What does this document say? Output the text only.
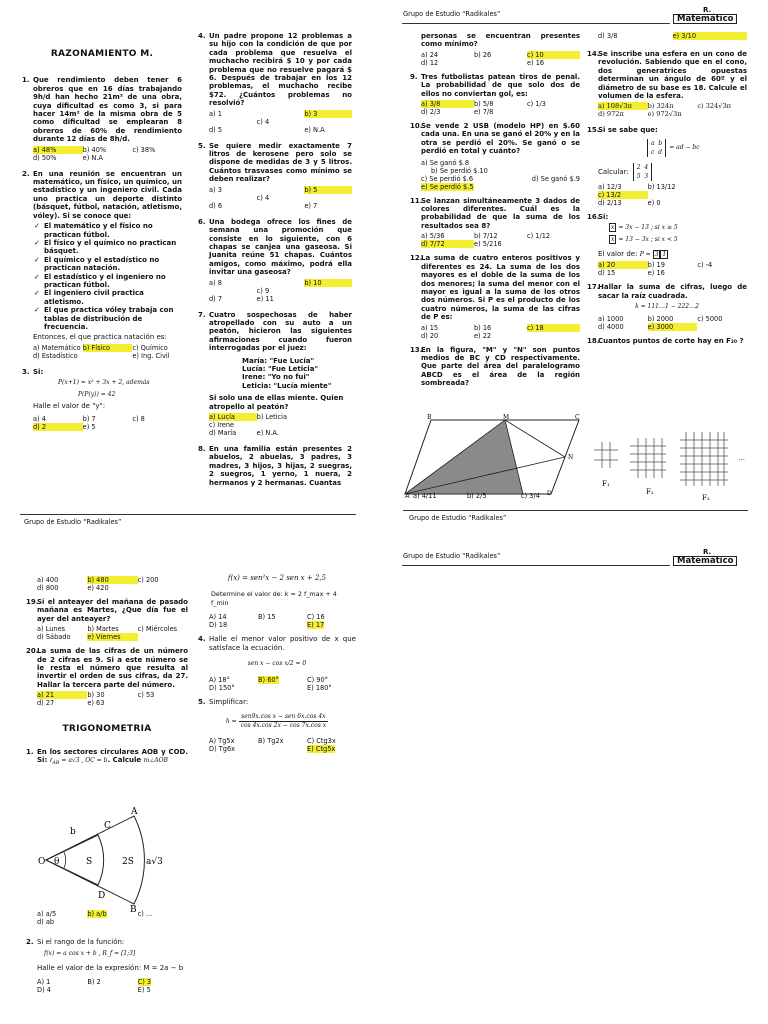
RAZONAMIENTO M.
1. Que rendimiento deben tener 6 obreros que en 16 días trabajando 9h/d han hecho 21m² de una obra, cuya dificultad es como 3, si para hacer 14m² de la misma obra de 5 como dificultad se emplearan 8 obreros de 60% de rendimiento durante 12 días de 8h/d.
a) 48%	b) 40%	c) 38%
d) 50%	e) N.A
2. En una reunión se encuentran un matemático, un físico, un químico, un estadístico y un ingeniero civil. Cada uno practica un deporte distinto (básquet, fútbol, natación, atletismo, vóley). Si se conoce que:
✓ El matemático y el físico no practican fútbol.
✓ El físico y el químico no practican básquet.
✓ El químico y el estadístico no practican natación.
✓ El estadístico y el ingeniero no practican fútbol.
✓ El ingeniero civil practica atletismo.
✓ El que practica vóley trabaja con tablas de distribución de frecuencia.
Entonces, el que practica natación es:
a) Matemático b) Físico	c) Químico
d) Estadístico	e) Ing. Civil
3. Si:
P(x+1) = x² + 3x + 2, además
P(P(y)) = 42
Halle el valor de "y":
a) 4	b) 7	c) 8
d) 2	e) 5
4. Un padre propone 12 problemas a su hijo con la condición de que por cada problema que resuelva el muchacho recibirá $ 10 y por cada problema que no resuelve pagará $ 6. Después de trabajar en los 12 problemas, el muchacho recibe $72. ¿Cuántos problemas no resolvió?
a) 1	b) 3
c) 4
d) 5	e) N.A
5. Se quiere medir exactamente 7 litros de kerosene pero solo se dispone de medidas de 3 y 5 litros. Cuántos trasvases como mínimo se deben realizar?
a) 3	b) 5
c) 4
d) 6	e) 7
6. Una bodega ofrece los fines de semana una promoción que consiste en lo siguiente, con 6 chapas se canjea una gaseosa. Si Juanita reúne 51 chapas. Cuántos amigos, como máximo, podrá ella invitar una gaseosa?
a) 8	b) 10
c) 9
d) 7	e) 11
7. Cuatro sospechosas de haber atropellado con su auto a un peatón, hicieron las siguientes afirmaciones cuando fueron interrogadas por el juez:
María: "Fue Lucía"
Lucía: "Fue Leticia"
Irene: "Yo no fui"
Leticia: "Lucía miente"
Si solo una de ellas miente. Quien atropello al peatón?
a) Lucía	b) Leticia
c) Irene
d) María	e) N.A.
8. En una familia están presentes 2 abuelos, 2 abuelas, 3 padres, 3 madres, 3 hijos, 3 hijas, 2 suegras, 2 suegros, 1 yerno, 1 nuera, 2 hermanos y 2 hermanas. Cuantas
Grupo de Estudio “Radikales”
Grupo de Estudio “Radikales”	R.
Matemático
personas se encuentran presentes como mínimo?
a) 24	b) 26	c) 10
d) 12	e) 16
9. Tres futbolistas patean tiros de penal. La probabilidad de que solo dos de ellos no conviertan gol, es:
a) 3/8	b) 5/8	c) 1/3
d) 2/3	e) 7/8
10.
Se vende 2 USB (modelo HP) en $.60 cada una. En una se ganó el 20% y en la otra se perdió el 20%. Se ganó o se perdió en total y cuánto?
a) Se ganó $.8
b) Se perdió $.10
c) Se perdió $.6	d) Se ganó $.9
e) Se perdió $.5
11.
Se lanzan simultáneamente 3 dados de colores diferentes. Cuál es la probabilidad de que la suma de los resultados sea 8?
a) 5/36	b) 7/12	c) 1/12
d) 7/72	e) 5/216
12.
La suma de cuatro enteros positivos y diferentes es 24. La suma de los dos mayores es el doble de la suma de los dos menores; la suma del menor con el mayor es igual a la suma de los otros dos números. Si P es el producto de los cuatro números, la suma de las cifras de P es:
a) 15	b) 16	c) 18
d) 20	e) 22
13.
En la figura, "M" y "N" son puntos medios de BC y CD respectivamente. Que parte del área del paralelogramo ABCD es el área de la región sombreada?
B	M	C
N
A a) 4/11	b) 2/5	c) 3/4	D
d) 3/8	e) 3/10
14.
Se inscribe una esfera en un cono de revolución. Sabiendo que en el cono, dos generatrices opuestas determinan un ángulo de 60º y el diámetro de su base es 18. Calcule el volumen de la esfera.
a) 108√3π	b) 324π	c) 324√3π
d) 972π	e) 972√3π
15.
Si se sabe que:
a  b
c  d
= ad − bc
Calcular:
2  4
5  3
a) 12/3	b) 13/12
c) 13/2
d) 2/13	e) 0
16.
Si:
x = 3x − 13 ; si x ≥ 5
x = 13 − 3x ; si x < 5
El valor de: P = 3 1
a) 20	b) 19	c) -4
d) 15	e) 16
17.
Hallar la suma de cifras, luego de sacar la raíz cuadrada.
k = 111…1 − 222…2
a) 1000	b) 2000	c) 5000
d) 4000	e) 3000
18.
Cuantos puntos de corte hay en F₂₀ ?
…
F₁
F₂
F₃
Grupo de Estudio “Radikales”
a) 400	b) 480	c) 200
d) 800	e) 420
19.
Si el anteayer del mañana de pasado mañana es Martes, ¿Que día fue el ayer del anteayer?
a) Lunes	b) Martes	c) Miércoles
d) Sábado	e) Viernes
20.
La suma de las cifras de un número de 2 cifras es 9. Si a este número se le resta el número que resulta al invertir el orden de sus cifras, da 27. Hallar la tercera parte del número.
a) 21	b) 30	c) 53
d) 27	e) 63
TRIGONOMETRIA
1. En los sectores circulares AOB y COD. Si: ℓ$_{AB}$ = a√3 , OC = b. Calcule m∠AOB
C
A
b
O θ	S	2S a√3
D
B
a) a/5	b) a/b	c) ...
d) ab
2. Si el rango de la función:
f(x) = a cos x + b , R_f = [1;3]
Halle el valor de la expresión: M = 2a − b
A) 1	B) 2	C) 3
D) 4	E) 5
f(x) = sen²x − 2 sen x + 2,5
Determine el valor de: k = 2 f_max + 4 f_min
A) 14	B) 15	C) 16
D) 18	E) 17
4. Halle el menor valor positivo de x que satisface la ecuación.
sen x − cos x/2 = 0
A) 18°	B) 60°	C) 90°
D) 150°	E) 180°
5. Simplificar:
h =
sen9x.cos x − sen 6x.cos 4x
cos 4x.cos 2x − cos 7x.cos x
A) Tg5x	B) Tg2x	C) Ctg3x
D) Tg6x	E) Ctg5x
Grupo de Estudio “Radikales”	R.
Matemático
